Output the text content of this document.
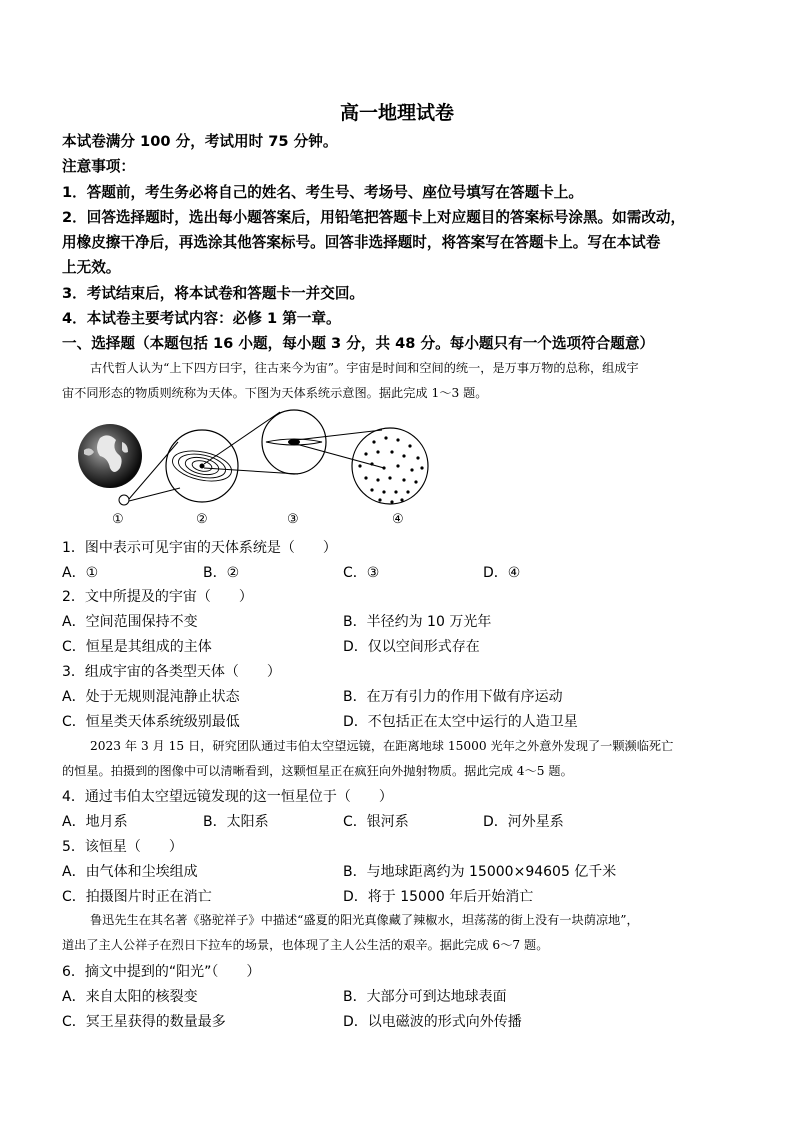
高一地理试卷
本试卷满分 100 分，考试用时 75 分钟。
注意事项：
1．答题前，考生务必将自己的姓名、考生号、考场号、座位号填写在答题卡上。
2．回答选择题时，选出每小题答案后，用铅笔把答题卡上对应题目的答案标号涂黑。如需改动，
用橡皮擦干净后，再选涂其他答案标号。回答非选择题时，将答案写在答题卡上。写在本试卷
上无效。
3．考试结束后，将本试卷和答题卡一并交回。
4．本试卷主要考试内容：必修 1 第一章。
一、选择题（本题包括 16 小题，每小题 3 分，共 48 分。每小题只有一个选项符合题意）
古代哲人认为“上下四方曰宇，往古来今为宙”。宇宙是时间和空间的统一，是万事万物的总称，组成宇
宙不同形态的物质则统称为天体。下图为天体系统示意图。据此完成 1～3 题。
①	②	③	④
1．图中表示可见宇宙的天体系统是（　　）
A．①	B．②	C．③	D．④
2．文中所提及的宇宙（　　）
A．空间范围保持不变	B．半径约为 10 万光年
C．恒星是其组成的主体	D．仅以空间形式存在
3．组成宇宙的各类型天体（　　）
A．处于无规则混沌静止状态	B．在万有引力的作用下做有序运动
C．恒星类天体系统级别最低	D．不包括正在太空中运行的人造卫星
2023 年 3 月 15 日，研究团队通过韦伯太空望远镜，在距离地球 15000 光年之外意外发现了一颗濒临死亡
的恒星。拍摄到的图像中可以清晰看到，这颗恒星正在疯狂向外抛射物质。据此完成 4～5 题。
4．通过韦伯太空望远镜发现的这一恒星位于（　　）
A．地月系	B．太阳系	C．银河系	D．河外星系
5．该恒星（　　）
A．由气体和尘埃组成	B．与地球距离约为 15000×94605 亿千米
C．拍摄图片时正在消亡	D．将于 15000 年后开始消亡
鲁迅先生在其名著《骆驼祥子》中描述“盛夏的阳光真像藏了辣椒水，坦荡荡的街上没有一块荫凉地”，
道出了主人公祥子在烈日下拉车的场景，也体现了主人公生活的艰辛。据此完成 6～7 题。
6．摘文中提到的“阳光”（　　）
A．来自太阳的核裂变	B．大部分可到达地球表面
C．冥王星获得的数量最多	D．以电磁波的形式向外传播
